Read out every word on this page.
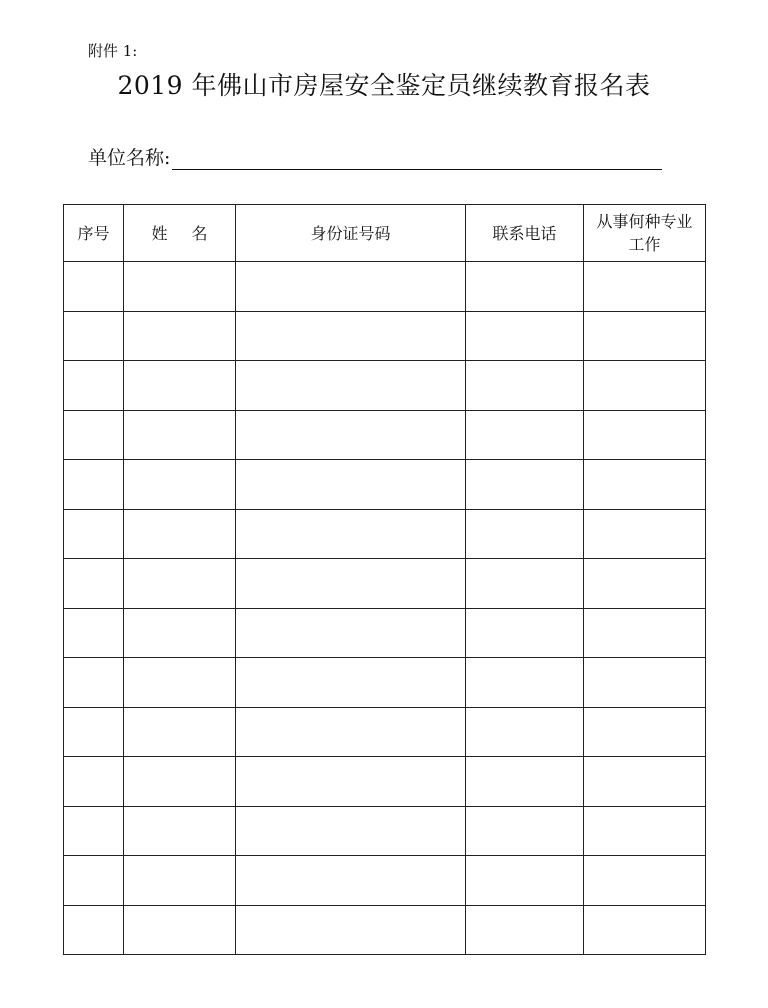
附件 1:
2019 年佛山市房屋安全鉴定员继续教育报名表
单位名称:
序号	姓  名	身份证号码	联系电话	从事何种专业工作
